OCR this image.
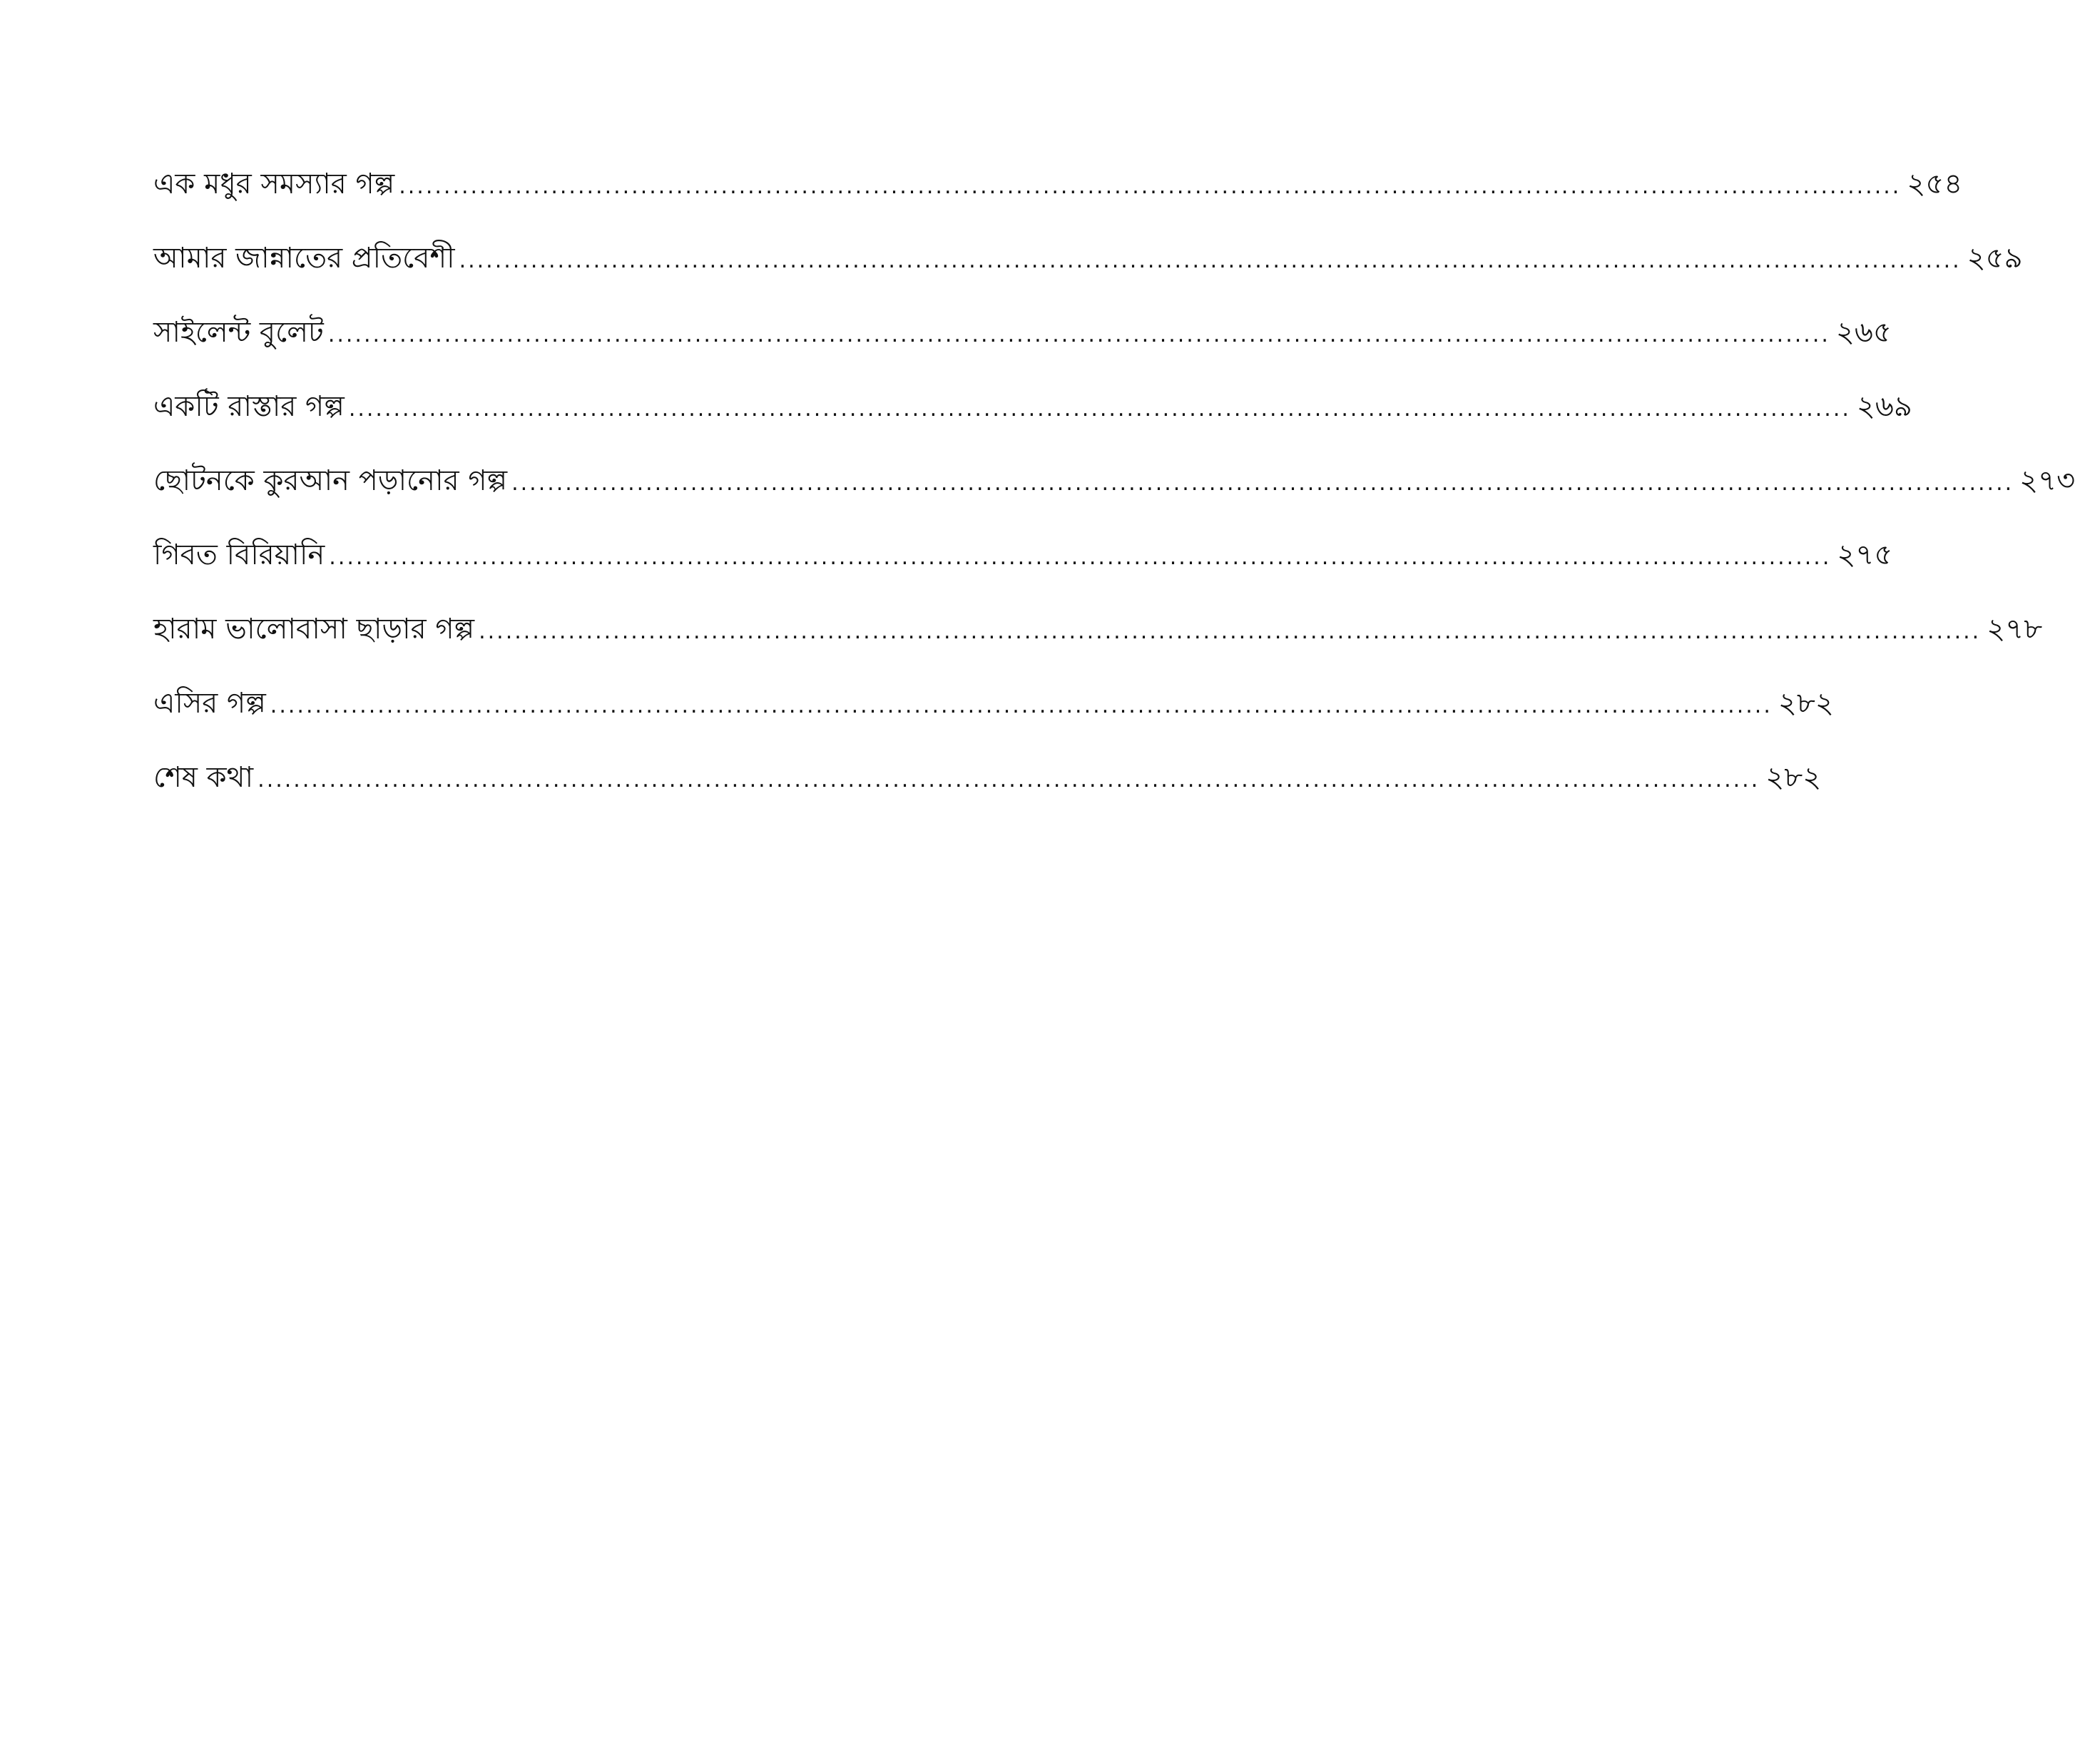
এক মধুর সমস্যার গল্প ........................................................................................................................................................................ ২৫৪
আমার জান্নাতের প্রতিবেশী ........................................................................................................................................................................ ২৫৯
সাইলেন্ট বুলেট ........................................................................................................................................................................ ২৬৫
একটি রাস্তার গল্প ........................................................................................................................................................................ ২৬৯
ছোটনকে কুরআন পড়ানোর গল্প ........................................................................................................................................................................ ২৭৩
গিবত বিরিয়ানি ........................................................................................................................................................................ ২৭৫
হারাম ভালোবাসা ছাড়ার গল্প ........................................................................................................................................................................ ২৭৮
এসির গল্প ........................................................................................................................................................................ ২৮২
শেষ কথা ........................................................................................................................................................................ ২৮২
